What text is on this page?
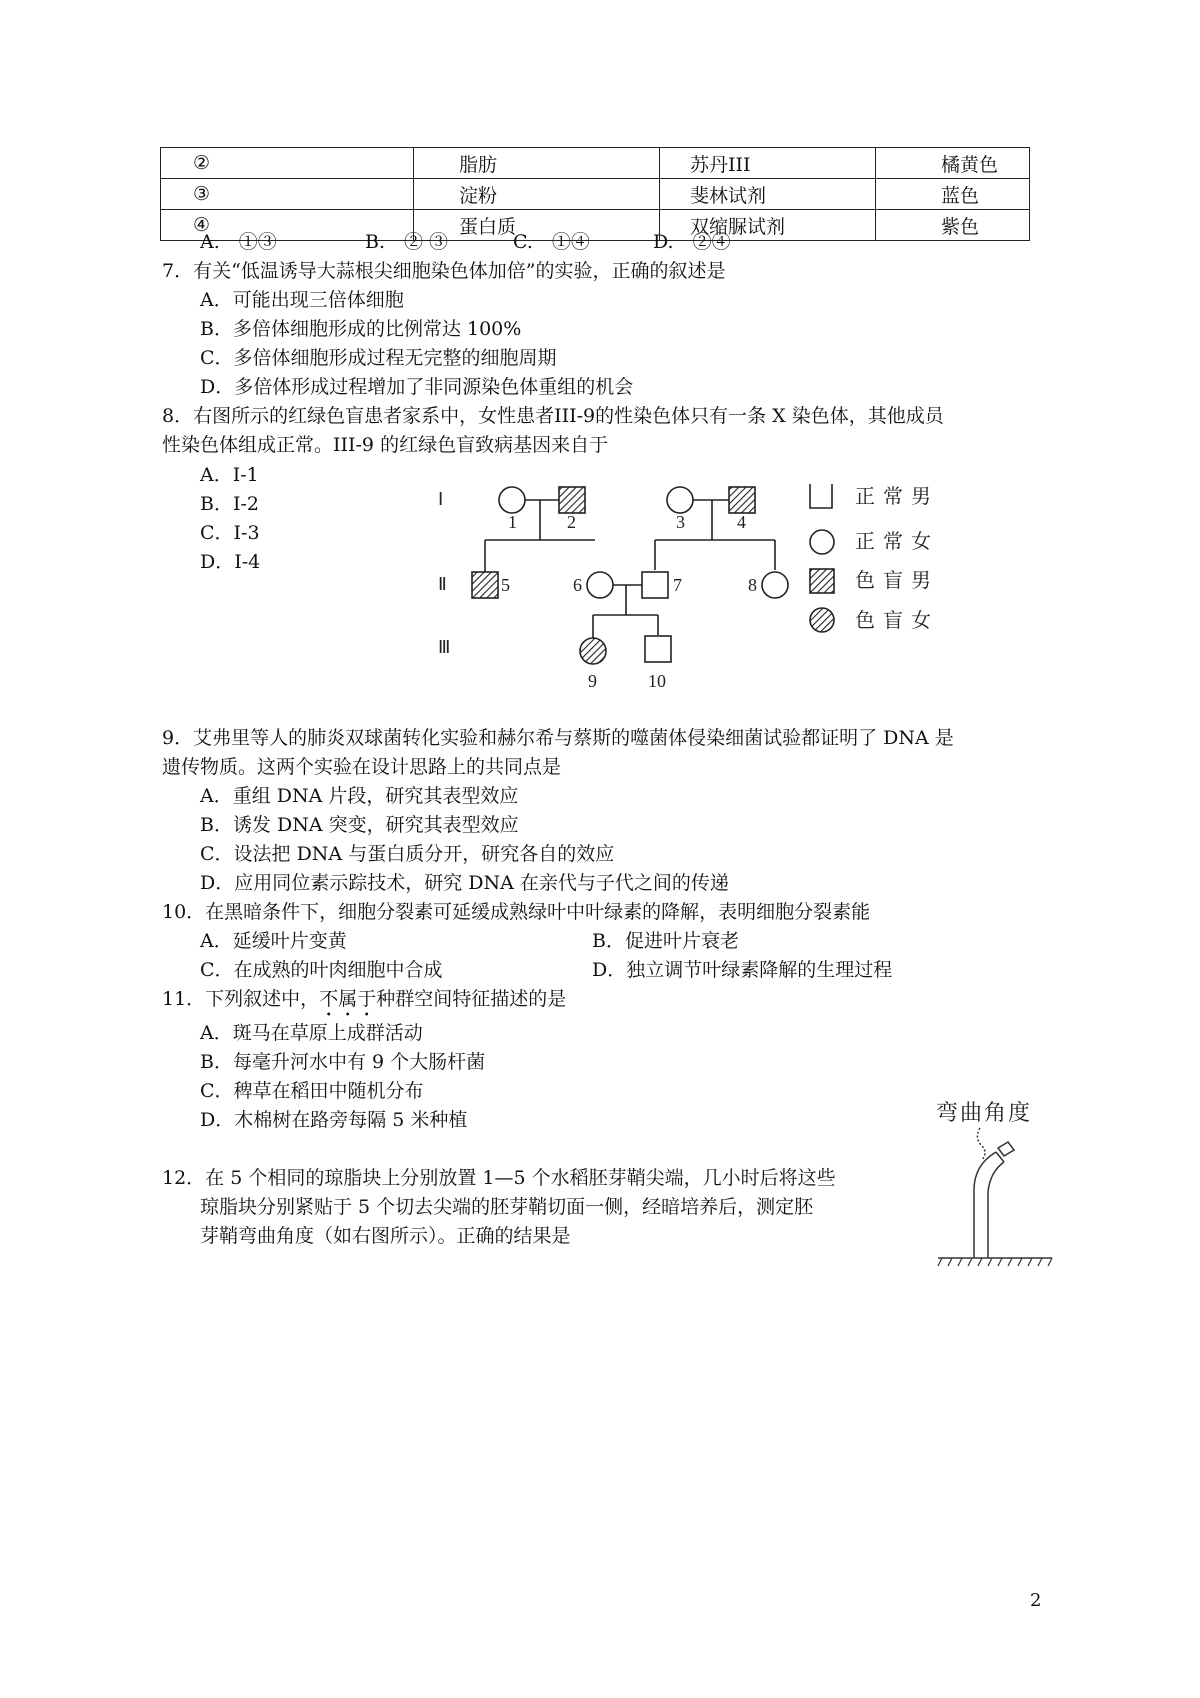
②	脂肪	苏丹III	橘黄色
③	淀粉	斐林试剂	蓝色
④	蛋白质	双缩脲试剂	紫色
A.　①③	B.　② ③	C.　①④	D.　②④
7．有关“低温诱导大蒜根尖细胞染色体加倍”的实验，正确的叙述是
A．可能出现三倍体细胞
B．多倍体细胞形成的比例常达 100%
C．多倍体细胞形成过程无完整的细胞周期
D．多倍体形成过程增加了非同源染色体重组的机会
8．右图所示的红绿色盲患者家系中，女性患者III-9的性染色体只有一条 X 染色体，其他成员
性染色体组成正常。III-9 的红绿色盲致病基因来自于
A．Ⅰ-1
B．Ⅰ-2
C．Ⅰ-3
D．Ⅰ-4
Ⅰ
Ⅱ
Ⅲ
1	2	3	4
5	6	7	8
9	10
正常男
正常女
色盲男
色盲女
9．艾弗里等人的肺炎双球菌转化实验和赫尔希与蔡斯的噬菌体侵染细菌试验都证明了 DNA 是
遗传物质。这两个实验在设计思路上的共同点是
A．重组 DNA 片段，研究其表型效应
B．诱发 DNA 突变，研究其表型效应
C．设法把 DNA 与蛋白质分开，研究各自的效应
D．应用同位素示踪技术，研究 DNA 在亲代与子代之间的传递
10．在黑暗条件下，细胞分裂素可延缓成熟绿叶中叶绿素的降解，表明细胞分裂素能
A．延缓叶片变黄	B．促进叶片衰老
C．在成熟的叶肉细胞中合成	D．独立调节叶绿素降解的生理过程
11．下列叙述中，不属于种群空间特征描述的是
A．斑马在草原上成群活动
B．每毫升河水中有 9 个大肠杆菌
C．稗草在稻田中随机分布
D．木棉树在路旁每隔 5 米种植
12．在 5 个相同的琼脂块上分别放置 1—5 个水稻胚芽鞘尖端，几小时后将这些
琼脂块分别紧贴于 5 个切去尖端的胚芽鞘切面一侧，经暗培养后，测定胚
芽鞘弯曲角度（如右图所示）。正确的结果是
弯曲角度
2
